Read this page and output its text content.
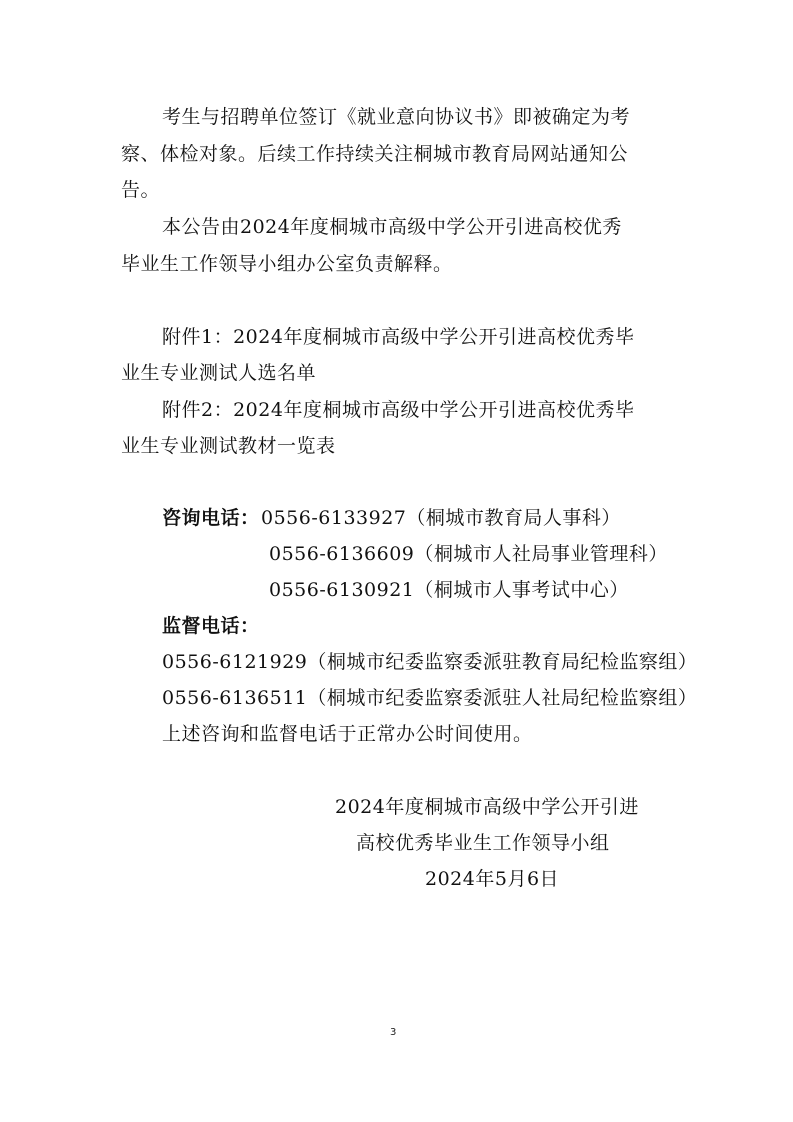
考生与招聘单位签订《就业意向协议书》即被确定为考
察、体检对象。后续工作持续关注桐城市教育局网站通知公
告。
本公告由2024年度桐城市高级中学公开引进高校优秀
毕业生工作领导小组办公室负责解释。
附件1：2024年度桐城市高级中学公开引进高校优秀毕
业生专业测试人选名单
附件2：2024年度桐城市高级中学公开引进高校优秀毕
业生专业测试教材一览表
咨询电话： 0556-6133927（桐城市教育局人事科）
0556-6136609（桐城市人社局事业管理科）
0556-6130921（桐城市人事考试中心）
监督电话：
0556-6121929（桐城市纪委监察委派驻教育局纪检监察组）
0556-6136511（桐城市纪委监察委派驻人社局纪检监察组）
上述咨询和监督电话于正常办公时间使用。
2024年度桐城市高级中学公开引进
高校优秀毕业生工作领导小组
2024年5月6日
3
